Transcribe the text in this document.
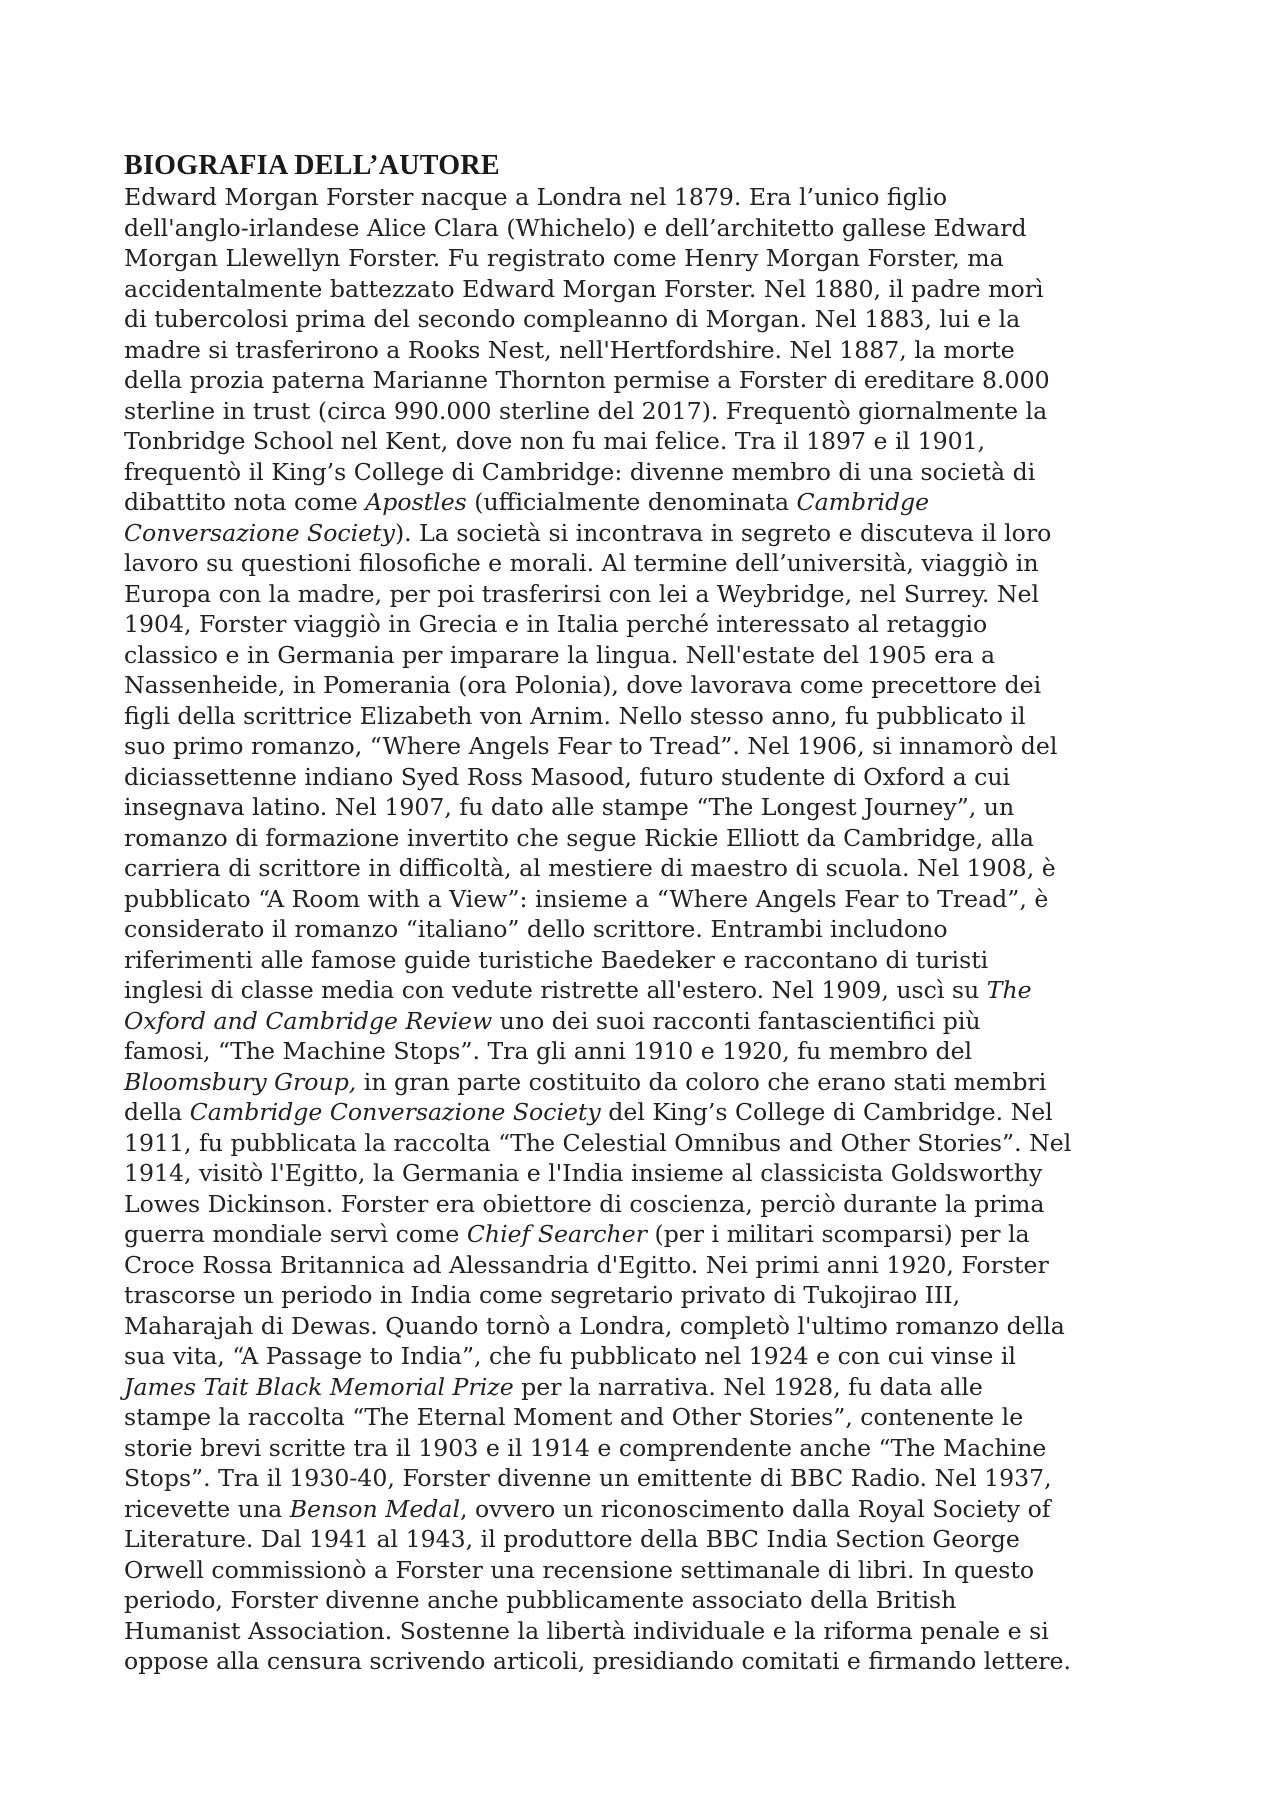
BIOGRAFIA DELL’AUTORE
Edward Morgan Forster nacque a Londra nel 1879. Era l’unico figlio
dell'anglo-irlandese Alice Clara (Whichelo) e dell’architetto gallese Edward
Morgan Llewellyn Forster. Fu registrato come Henry Morgan Forster, ma
accidentalmente battezzato Edward Morgan Forster. Nel 1880, il padre morì
di tubercolosi prima del secondo compleanno di Morgan. Nel 1883, lui e la
madre si trasferirono a Rooks Nest, nell'Hertfordshire. Nel 1887, la morte
della prozia paterna Marianne Thornton permise a Forster di ereditare 8.000
sterline in trust (circa 990.000 sterline del 2017). Frequentò giornalmente la
Tonbridge School nel Kent, dove non fu mai felice. Tra il 1897 e il 1901,
frequentò il King’s College di Cambridge: divenne membro di una società di
dibattito nota come Apostles (ufficialmente denominata Cambridge
Conversazione Society). La società si incontrava in segreto e discuteva il loro
lavoro su questioni filosofiche e morali. Al termine dell’università, viaggiò in
Europa con la madre, per poi trasferirsi con lei a Weybridge, nel Surrey. Nel
1904, Forster viaggiò in Grecia e in Italia perché interessato al retaggio
classico e in Germania per imparare la lingua. Nell'estate del 1905 era a
Nassenheide, in Pomerania (ora Polonia), dove lavorava come precettore dei
figli della scrittrice Elizabeth von Arnim. Nello stesso anno, fu pubblicato il
suo primo romanzo, “Where Angels Fear to Tread”. Nel 1906, si innamorò del
diciassettenne indiano Syed Ross Masood, futuro studente di Oxford a cui
insegnava latino. Nel 1907, fu dato alle stampe “The Longest Journey”, un
romanzo di formazione invertito che segue Rickie Elliott da Cambridge, alla
carriera di scrittore in difficoltà, al mestiere di maestro di scuola. Nel 1908, è
pubblicato “A Room with a View”: insieme a “Where Angels Fear to Tread”, è
considerato il romanzo “italiano” dello scrittore. Entrambi includono
riferimenti alle famose guide turistiche Baedeker e raccontano di turisti
inglesi di classe media con vedute ristrette all'estero. Nel 1909, uscì su The
Oxford and Cambridge Review uno dei suoi racconti fantascientifici più
famosi, “The Machine Stops”. Tra gli anni 1910 e 1920, fu membro del
Bloomsbury Group, in gran parte costituito da coloro che erano stati membri
della Cambridge Conversazione Society del King’s College di Cambridge. Nel
1911, fu pubblicata la raccolta “The Celestial Omnibus and Other Stories”. Nel
1914, visitò l'Egitto, la Germania e l'India insieme al classicista Goldsworthy
Lowes Dickinson. Forster era obiettore di coscienza, perciò durante la prima
guerra mondiale servì come Chief Searcher (per i militari scomparsi) per la
Croce Rossa Britannica ad Alessandria d'Egitto. Nei primi anni 1920, Forster
trascorse un periodo in India come segretario privato di Tukojirao III,
Maharajah di Dewas. Quando tornò a Londra, completò l'ultimo romanzo della
sua vita, “A Passage to India”, che fu pubblicato nel 1924 e con cui vinse il
James Tait Black Memorial Prize per la narrativa. Nel 1928, fu data alle
stampe la raccolta “The Eternal Moment and Other Stories”, contenente le
storie brevi scritte tra il 1903 e il 1914 e comprendente anche “The Machine
Stops”. Tra il 1930-40, Forster divenne un emittente di BBC Radio. Nel 1937,
ricevette una Benson Medal, ovvero un riconoscimento dalla Royal Society of
Literature. Dal 1941 al 1943, il produttore della BBC India Section George
Orwell commissionò a Forster una recensione settimanale di libri. In questo
periodo, Forster divenne anche pubblicamente associato della British
Humanist Association. Sostenne la libertà individuale e la riforma penale e si
oppose alla censura scrivendo articoli, presidiando comitati e firmando lettere.
